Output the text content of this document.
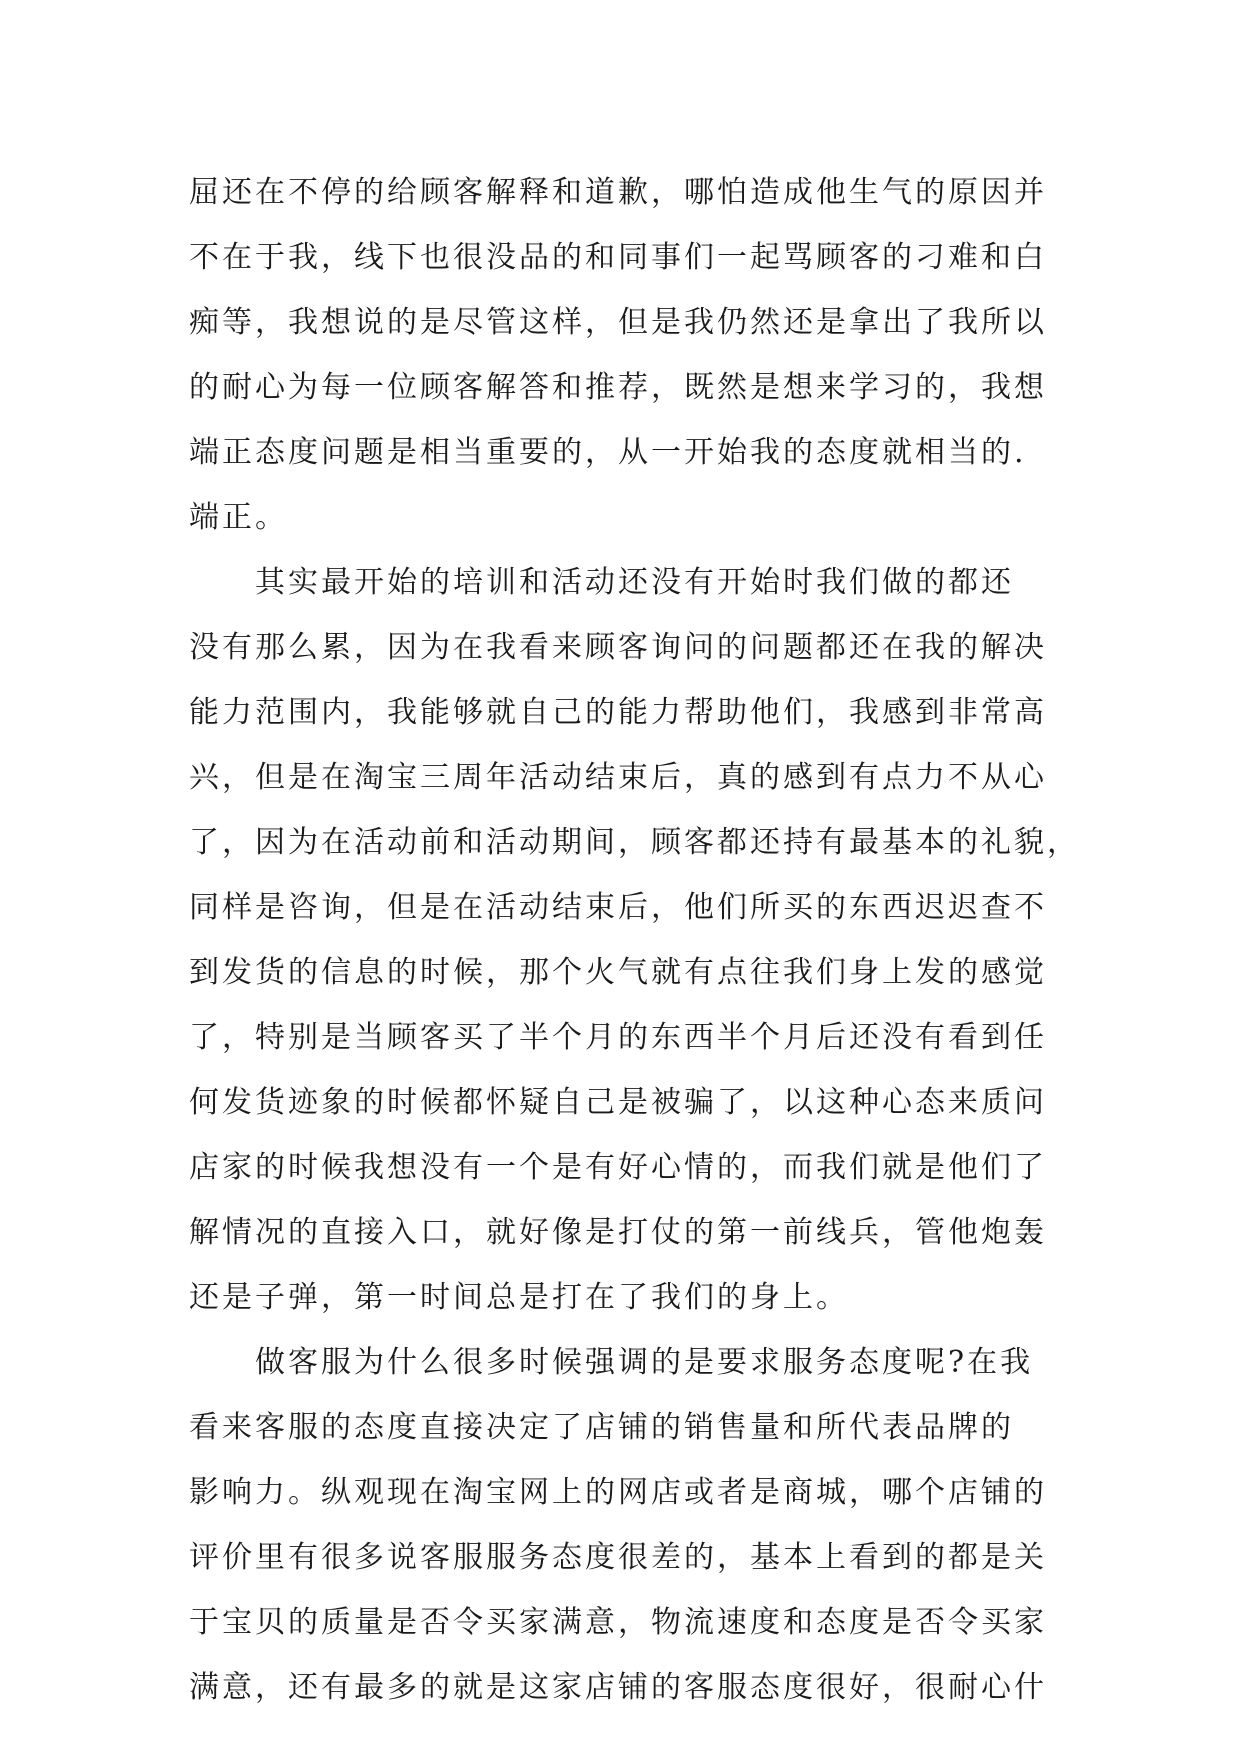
屈还在不停的给顾客解释和道歉，哪怕造成他生气的原因并
不在于我，线下也很没品的和同事们一起骂顾客的刁难和白
痴等，我想说的是尽管这样，但是我仍然还是拿出了我所以
的耐心为每一位顾客解答和推荐，既然是想来学习的，我想
端正态度问题是相当重要的，从一开始我的态度就相当的.
端正。
其实最开始的培训和活动还没有开始时我们做的都还
没有那么累，因为在我看来顾客询问的问题都还在我的解决
能力范围内，我能够就自己的能力帮助他们，我感到非常高
兴，但是在淘宝三周年活动结束后，真的感到有点力不从心
了，因为在活动前和活动期间，顾客都还持有最基本的礼貌，
同样是咨询，但是在活动结束后，他们所买的东西迟迟查不
到发货的信息的时候，那个火气就有点往我们身上发的感觉
了，特别是当顾客买了半个月的东西半个月后还没有看到任
何发货迹象的时候都怀疑自己是被骗了，以这种心态来质问
店家的时候我想没有一个是有好心情的，而我们就是他们了
解情况的直接入口，就好像是打仗的第一前线兵，管他炮轰
还是子弹，第一时间总是打在了我们的身上。
做客服为什么很多时候强调的是要求服务态度呢?在我
看来客服的态度直接决定了店铺的销售量和所代表品牌的
影响力。纵观现在淘宝网上的网店或者是商城，哪个店铺的
评价里有很多说客服服务态度很差的，基本上看到的都是关
于宝贝的质量是否令买家满意，物流速度和态度是否令买家
满意，还有最多的就是这家店铺的客服态度很好，很耐心什
